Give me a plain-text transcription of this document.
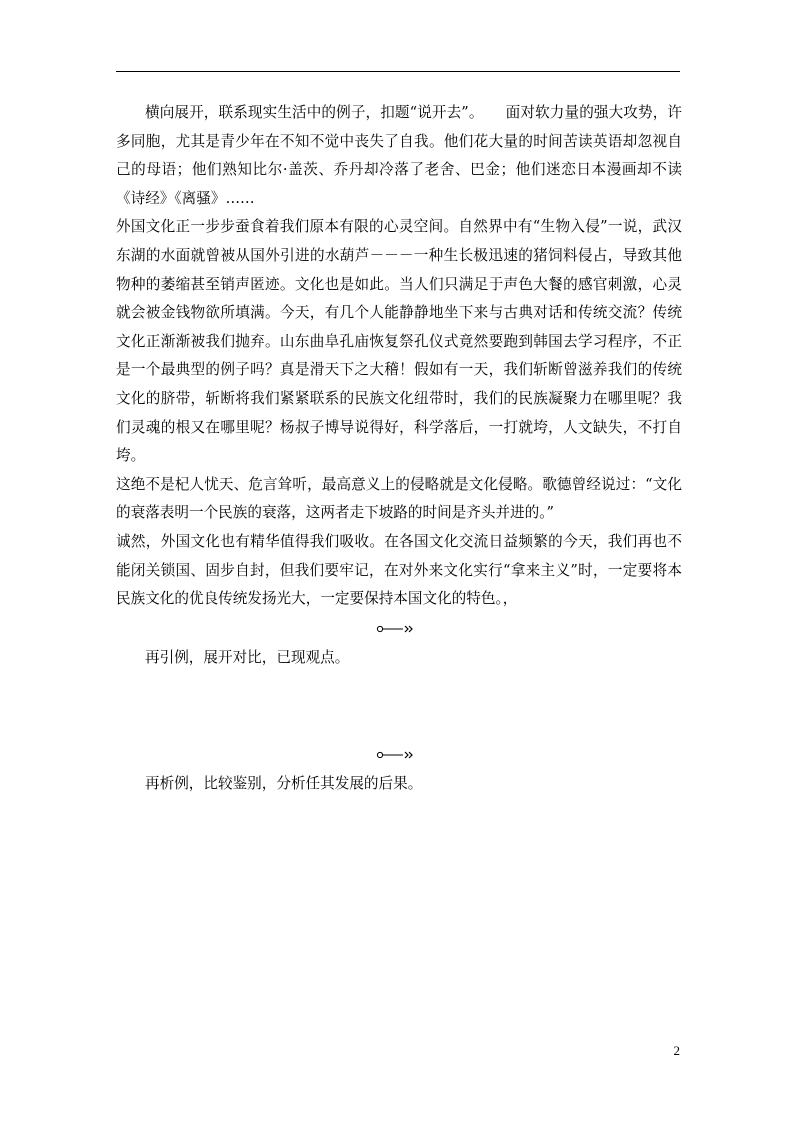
横向展开，联系现实生活中的例子，扣题“说开去”。　　面对软力量的强大攻势，许多同胞，尤其是青少年在不知不觉中丧失了自我。他们花大量的时间苦读英语却忽视自己的母语；他们熟知比尔·盖茨、乔丹却冷落了老舍、巴金；他们迷恋日本漫画却不读《诗经》《离骚》……

外国文化正一步步蚕食着我们原本有限的心灵空间。自然界中有“生物入侵”一说，武汉东湖的水面就曾被从国外引进的水葫芦－－－一种生长极迅速的猪饲料侵占，导致其他物种的萎缩甚至销声匿迹。文化也是如此。当人们只满足于声色大餐的感官刺激，心灵就会被金钱物欲所填满。今天，有几个人能静静地坐下来与古典对话和传统交流？传统文化正渐渐被我们抛弃。山东曲阜孔庙恢复祭孔仪式竟然要跑到韩国去学习程序，不正是一个最典型的例子吗？真是滑天下之大稽！假如有一天，我们斩断曾滋养我们的传统文化的脐带，斩断将我们紧紧联系的民族文化纽带时，我们的民族凝聚力在哪里呢？我们灵魂的根又在哪里呢？杨叔子博导说得好，科学落后，一打就垮，人文缺失，不打自垮。

这绝不是杞人忧天、危言耸听，最高意义上的侵略就是文化侵略。歌德曾经说过：“文化的衰落表明一个民族的衰落，这两者走下坡路的时间是齐头并进的。”

诚然，外国文化也有精华值得我们吸收。在各国文化交流日益频繁的今天，我们再也不能闭关锁国、固步自封，但我们要牢记，在对外来文化实行“拿来主义”时，一定要将本民族文化的优良传统发扬光大，一定要保持本国文化的特色。，

再引例，展开对比，已现观点。

再析例，比较鉴别，分析任其发展的后果。

2
